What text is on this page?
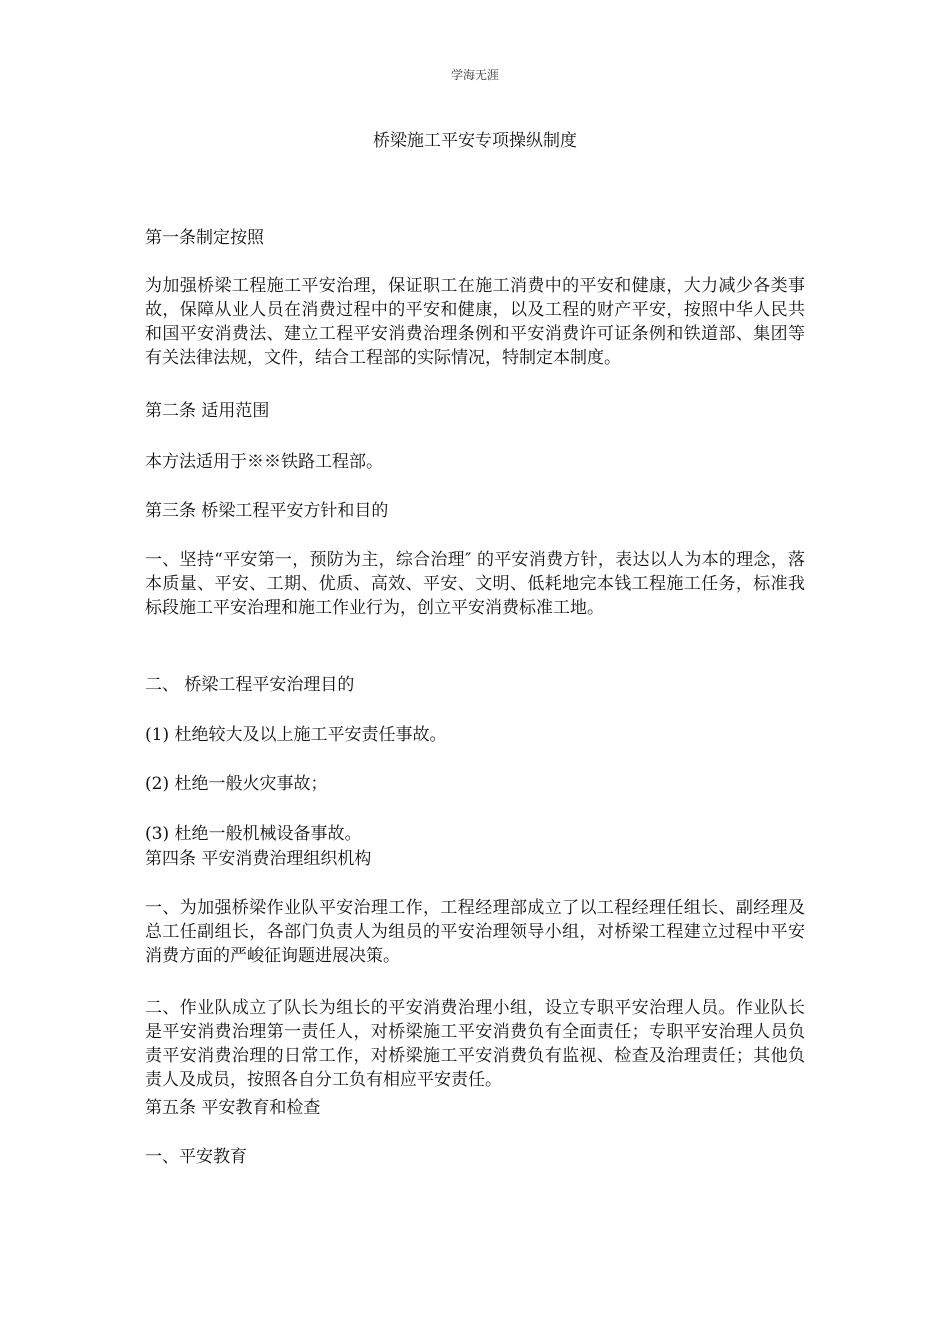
学海无涯
桥梁施工平安专项操纵制度
第一条制定按照
为加强桥梁工程施工平安治理，保证职工在施工消费中的平安和健康，大力减少各类事故，保障从业人员在消费过程中的平安和健康，以及工程的财产平安，按照中华人民共和国平安消费法、建立工程平安消费治理条例和平安消费许可证条例和铁道部、集团等有关法律法规，文件，结合工程部的实际情况，特制定本制度。
第二条 适用范围
本方法适用于※※铁路工程部。
第三条 桥梁工程平安方针和目的
一、坚持“平安第一，预防为主，综合治理″ 的平安消费方针，表达以人为本的理念，落本质量、平安、工期、优质、高效、平安、文明、低耗地完本钱工程施工任务，标准我标段施工平安治理和施工作业行为，创立平安消费标准工地。
二、 桥梁工程平安治理目的
(1) 杜绝较大及以上施工平安责任事故。
(2) 杜绝一般火灾事故；
(3) 杜绝一般机械设备事故。
第四条 平安消费治理组织机构
一、为加强桥梁作业队平安治理工作，工程经理部成立了以工程经理任组长、副经理及总工任副组长，各部门负责人为组员的平安治理领导小组，对桥梁工程建立过程中平安消费方面的严峻征询题进展决策。
二、作业队成立了队长为组长的平安消费治理小组，设立专职平安治理人员。作业队长是平安消费治理第一责任人，对桥梁施工平安消费负有全面责任；专职平安治理人员负责平安消费治理的日常工作，对桥梁施工平安消费负有监视、检查及治理责任；其他负责人及成员，按照各自分工负有相应平安责任。
第五条 平安教育和检查
一、平安教育
